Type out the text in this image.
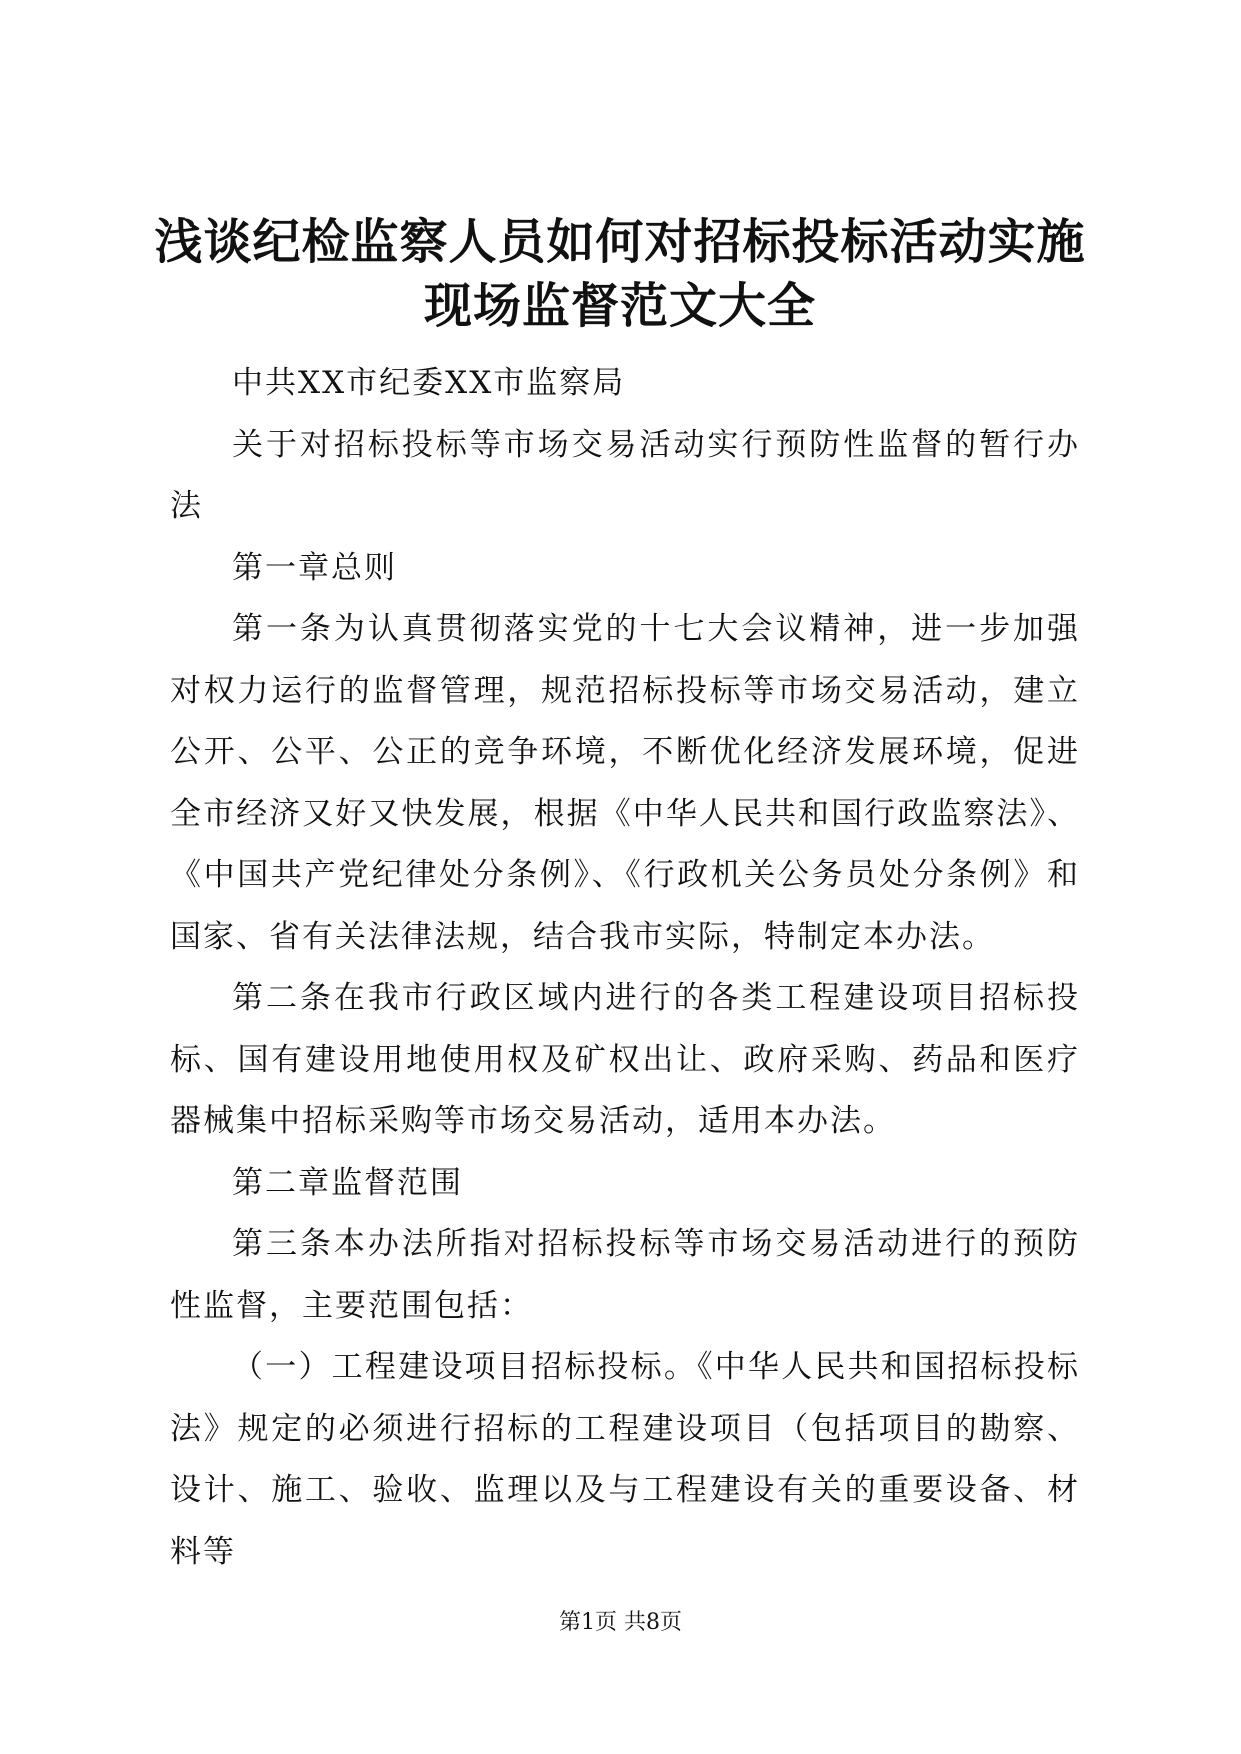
浅谈纪检监察人员如何对招标投标活动实施现场监督范文大全

中共XX市纪委XX市监察局

关于对招标投标等市场交易活动实行预防性监督的暂行办法

第一章总则

第一条为认真贯彻落实党的十七大会议精神，进一步加强对权力运行的监督管理，规范招标投标等市场交易活动，建立公开、公平、公正的竞争环境，不断优化经济发展环境，促进全市经济又好又快发展，根据《中华人民共和国行政监察法》、《中国共产党纪律处分条例》、《行政机关公务员处分条例》和国家、省有关法律法规，结合我市实际，特制定本办法。

第二条在我市行政区域内进行的各类工程建设项目招标投标、国有建设用地使用权及矿权出让、政府采购、药品和医疗器械集中招标采购等市场交易活动，适用本办法。

第二章监督范围

第三条本办法所指对招标投标等市场交易活动进行的预防性监督，主要范围包括：

（一）工程建设项目招标投标。《中华人民共和国招标投标法》规定的必须进行招标的工程建设项目（包括项目的勘察、设计、施工、验收、监理以及与工程建设有关的重要设备、材料等

第1页 共8页
